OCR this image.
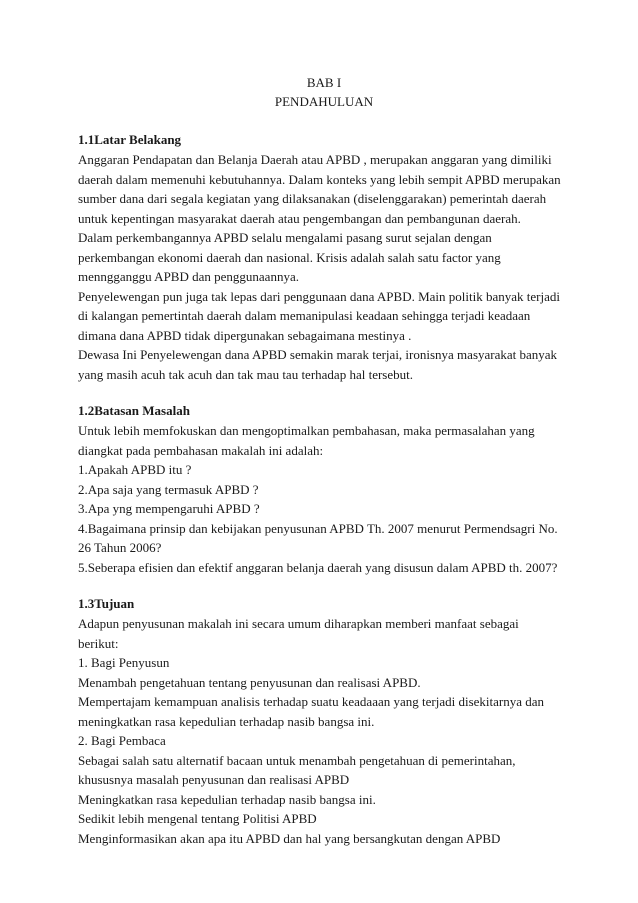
BAB I
PENDAHULUAN
1.1Latar Belakang
Anggaran Pendapatan dan Belanja Daerah atau APBD , merupakan anggaran yang dimiliki
daerah dalam memenuhi kebutuhannya. Dalam konteks yang lebih sempit APBD merupakan
sumber dana dari segala kegiatan yang dilaksanakan (diselenggarakan) pemerintah daerah
untuk kepentingan masyarakat daerah atau pengembangan dan pembangunan daerah.
Dalam perkembangannya APBD selalu mengalami pasang surut sejalan dengan
perkembangan ekonomi daerah dan nasional. Krisis adalah salah satu factor yang
menngganggu APBD dan penggunaannya.
Penyelewengan pun juga tak lepas dari penggunaan dana APBD. Main politik banyak terjadi
di kalangan pemertintah daerah dalam memanipulasi keadaan sehingga terjadi keadaan
dimana dana APBD tidak dipergunakan sebagaimana mestinya .
Dewasa Ini Penyelewengan dana APBD semakin marak terjai, ironisnya masyarakat banyak
yang masih acuh tak acuh dan tak mau tau terhadap hal tersebut.
1.2Batasan Masalah
Untuk lebih memfokuskan dan mengoptimalkan pembahasan, maka permasalahan yang
diangkat pada pembahasan makalah ini adalah:
1.Apakah APBD itu ?
2.Apa saja yang termasuk APBD ?
3.Apa yng mempengaruhi APBD ?
4.Bagaimana prinsip dan kebijakan penyusunan APBD Th. 2007 menurut Permendsagri No.
26 Tahun 2006?
5.Seberapa efisien dan efektif anggaran belanja daerah yang disusun dalam APBD th. 2007?
1.3Tujuan
Adapun penyusunan makalah ini secara umum diharapkan memberi manfaat sebagai berikut:
1. Bagi Penyusun
Menambah pengetahuan tentang penyusunan dan realisasi APBD.
Mempertajam kemampuan analisis terhadap suatu keadaaan yang terjadi disekitarnya dan
meningkatkan rasa kepedulian terhadap nasib bangsa ini.
2. Bagi Pembaca
Sebagai salah satu alternatif bacaan untuk menambah pengetahuan di pemerintahan,
khususnya masalah penyusunan dan realisasi APBD
Meningkatkan rasa kepedulian terhadap nasib bangsa ini.
Sedikit lebih mengenal tentang Politisi APBD
Menginformasikan akan apa itu APBD dan hal yang bersangkutan dengan APBD
